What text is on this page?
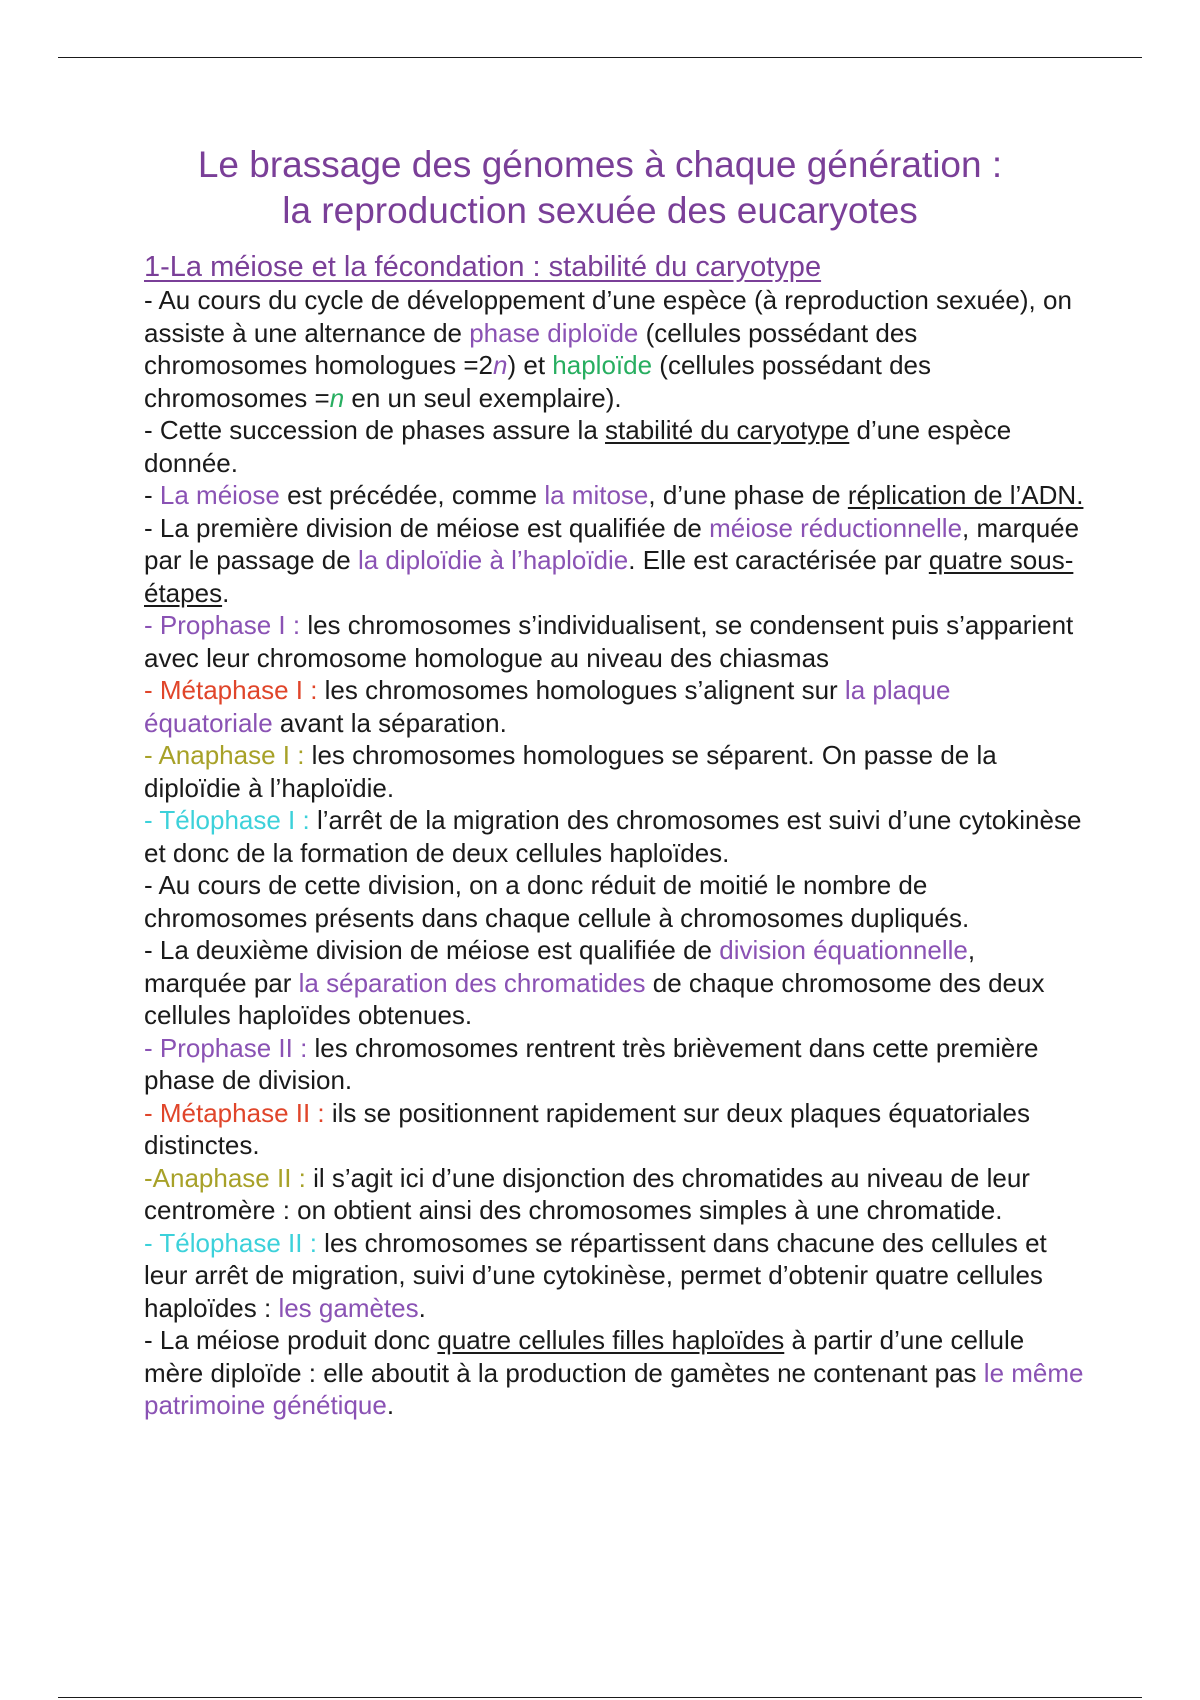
Le brassage des génomes à chaque génération :
la reproduction sexuée des eucaryotes
1-La méiose et la fécondation : stabilité du caryotype

- Au cours du cycle de développement d’une espèce (à reproduction sexuée), on assiste à une alternance de phase diploïde (cellules possédant des chromosomes homologues =2n) et haploïde (cellules possédant des chromosomes =n en un seul exemplaire).

- Cette succession de phases assure la stabilité du caryotype d’une espèce donnée.

- La méiose est précédée, comme la mitose, d’une phase de réplication de l’ADN.

- La première division de méiose est qualifiée de méiose réductionnelle, marquée par le passage de la diploïdie à l’haploïdie. Elle est caractérisée par quatre sous-étapes.

- Prophase I : les chromosomes s’individualisent, se condensent puis s’apparient avec leur chromosome homologue au niveau des chiasmas

- Métaphase I : les chromosomes homologues s’alignent sur la plaque équatoriale avant la séparation.

- Anaphase I : les chromosomes homologues se séparent. On passe de la diploïdie à l’haploïdie.

- Télophase I : l’arrêt de la migration des chromosomes est suivi d’une cytokinèse et donc de la formation de deux cellules haploïdes.

- Au cours de cette division, on a donc réduit de moitié le nombre de chromosomes présents dans chaque cellule à chromosomes dupliqués.

- La deuxième division de méiose est qualifiée de division équationnelle, marquée par la séparation des chromatides de chaque chromosome des deux cellules haploïdes obtenues.

- Prophase II : les chromosomes rentrent très brièvement dans cette première phase de division.

- Métaphase II : ils se positionnent rapidement sur deux plaques équatoriales distinctes.

-Anaphase II : il s’agit ici d’une disjonction des chromatides au niveau de leur centromère : on obtient ainsi des chromosomes simples à une chromatide.

- Télophase II : les chromosomes se répartissent dans chacune des cellules et leur arrêt de migration, suivi d’une cytokinèse, permet d’obtenir quatre cellules haploïdes : les gamètes.

- La méiose produit donc quatre cellules filles haploïdes à partir d’une cellule mère diploïde : elle aboutit à la production de gamètes ne contenant pas le même patrimoine génétique.
